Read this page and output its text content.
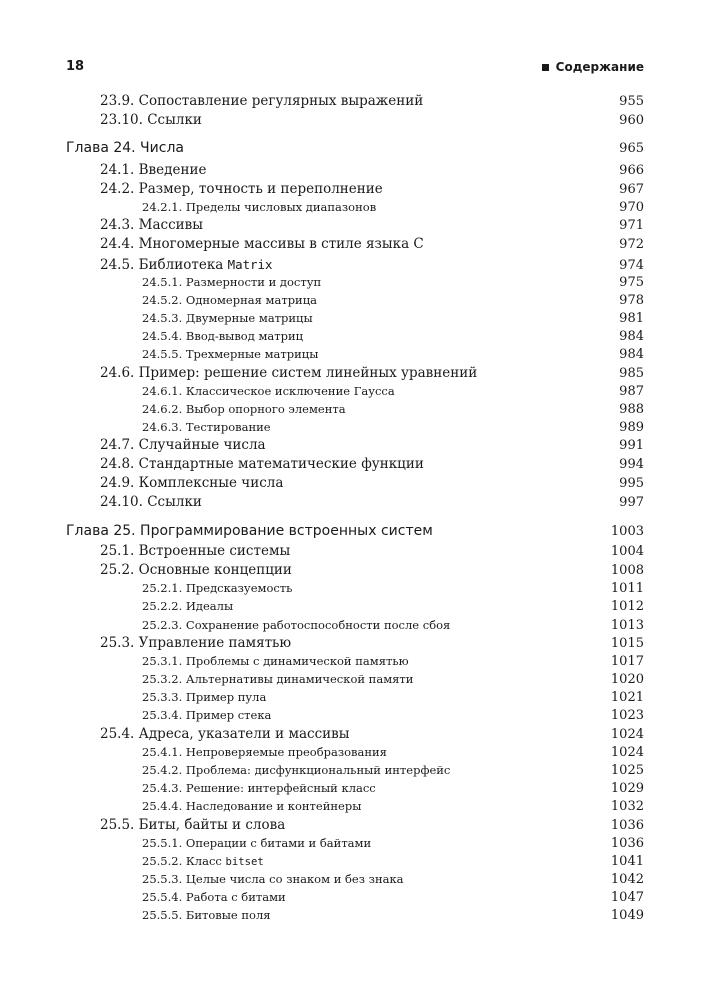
18	Содержание
23.9. Сопоставление регулярных выражений	955
23.10. Ссылки	960
Глава 24. Числа	965
24.1. Введение	966
24.2. Размер, точность и переполнение	967
24.2.1. Пределы числовых диапазонов	970
24.3. Массивы	971
24.4. Многомерные массивы в стиле языка C	972
24.5. Библиотека Matrix	974
24.5.1. Размерности и доступ	975
24.5.2. Одномерная матрица	978
24.5.3. Двумерные матрицы	981
24.5.4. Ввод-вывод матриц	984
24.5.5. Трехмерные матрицы	984
24.6. Пример: решение систем линейных уравнений	985
24.6.1. Классическое исключение Гаусса	987
24.6.2. Выбор опорного элемента	988
24.6.3. Тестирование	989
24.7. Случайные числа	991
24.8. Стандартные математические функции	994
24.9. Комплексные числа	995
24.10. Ссылки	997
Глава 25. Программирование встроенных систем	1003
25.1. Встроенные системы	1004
25.2. Основные концепции	1008
25.2.1. Предсказуемость	1011
25.2.2. Идеалы	1012
25.2.3. Сохранение работоспособности после сбоя	1013
25.3. Управление памятью	1015
25.3.1. Проблемы с динамической памятью	1017
25.3.2. Альтернативы динамической памяти	1020
25.3.3. Пример пула	1021
25.3.4. Пример стека	1023
25.4. Адреса, указатели и массивы	1024
25.4.1. Непроверяемые преобразования	1024
25.4.2. Проблема: дисфункциональный интерфейс	1025
25.4.3. Решение: интерфейсный класс	1029
25.4.4. Наследование и контейнеры	1032
25.5. Биты, байты и слова	1036
25.5.1. Операции с битами и байтами	1036
25.5.2. Класс bitset	1041
25.5.3. Целые числа со знаком и без знака	1042
25.5.4. Работа с битами	1047
25.5.5. Битовые поля	1049
